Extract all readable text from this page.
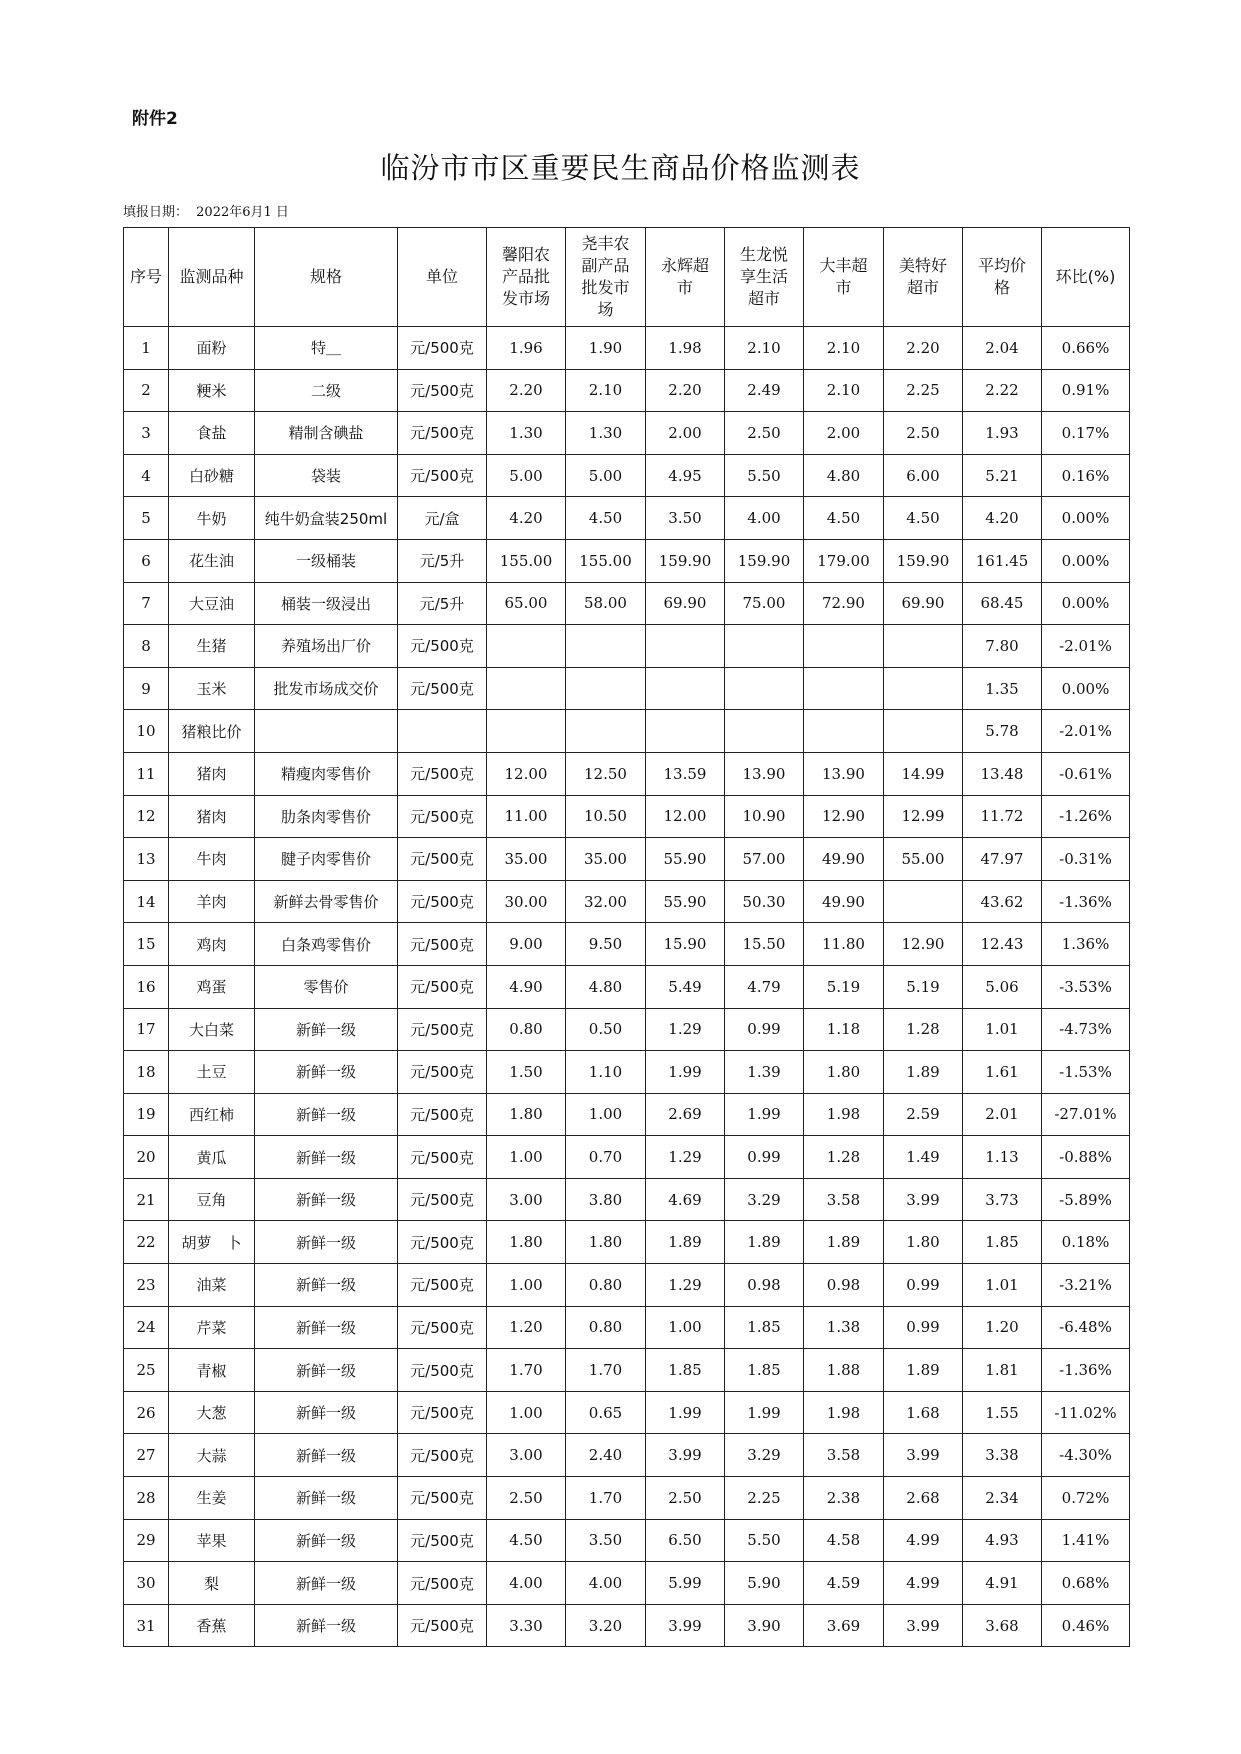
附件2
临汾市市区重要民生商品价格监测表
填报日期： 2022年6月1 日
序号	监测品种	规格	单位	馨阳农产品批发市场	尧丰农副产品批发市场	永辉超市	生龙悦享生活超市	大丰超市	美特好超市	平均价格	环比(%)
1	面粉	特＿	元/500克	1.96	1.90	1.98	2.10	2.10	2.20	2.04	0.66%
2	粳米	二级	元/500克	2.20	2.10	2.20	2.49	2.10	2.25	2.22	0.91%
3	食盐	精制含碘盐	元/500克	1.30	1.30	2.00	2.50	2.00	2.50	1.93	0.17%
4	白砂糖	袋装	元/500克	5.00	5.00	4.95	5.50	4.80	6.00	5.21	0.16%
5	牛奶	纯牛奶盒装250ml	元/盒	4.20	4.50	3.50	4.00	4.50	4.50	4.20	0.00%
6	花生油	一级桶装	元/5升	155.00	155.00	159.90	159.90	179.00	159.90	161.45	0.00%
7	大豆油	桶装一级浸出	元/5升	65.00	58.00	69.90	75.00	72.90	69.90	68.45	0.00%
8	生猪	养殖场出厂价	元/500克							7.80	-2.01%
9	玉米	批发市场成交价	元/500克							1.35	0.00%
10	猪粮比价									5.78	-2.01%
11	猪肉	精瘦肉零售价	元/500克	12.00	12.50	13.59	13.90	13.90	14.99	13.48	-0.61%
12	猪肉	肋条肉零售价	元/500克	11.00	10.50	12.00	10.90	12.90	12.99	11.72	-1.26%
13	牛肉	腱子肉零售价	元/500克	35.00	35.00	55.90	57.00	49.90	55.00	47.97	-0.31%
14	羊肉	新鲜去骨零售价	元/500克	30.00	32.00	55.90	50.30	49.90		43.62	-1.36%
15	鸡肉	白条鸡零售价	元/500克	9.00	9.50	15.90	15.50	11.80	12.90	12.43	1.36%
16	鸡蛋	零售价	元/500克	4.90	4.80	5.49	4.79	5.19	5.19	5.06	-3.53%
17	大白菜	新鲜一级	元/500克	0.80	0.50	1.29	0.99	1.18	1.28	1.01	-4.73%
18	土豆	新鲜一级	元/500克	1.50	1.10	1.99	1.39	1.80	1.89	1.61	-1.53%
19	西红柿	新鲜一级	元/500克	1.80	1.00	2.69	1.99	1.98	2.59	2.01	-27.01%
20	黄瓜	新鲜一级	元/500克	1.00	0.70	1.29	0.99	1.28	1.49	1.13	-0.88%
21	豆角	新鲜一级	元/500克	3.00	3.80	4.69	3.29	3.58	3.99	3.73	-5.89%
22	胡萝　卜	新鲜一级	元/500克	1.80	1.80	1.89	1.89	1.89	1.80	1.85	0.18%
23	油菜	新鲜一级	元/500克	1.00	0.80	1.29	0.98	0.98	0.99	1.01	-3.21%
24	芹菜	新鲜一级	元/500克	1.20	0.80	1.00	1.85	1.38	0.99	1.20	-6.48%
25	青椒	新鲜一级	元/500克	1.70	1.70	1.85	1.85	1.88	1.89	1.81	-1.36%
26	大葱	新鲜一级	元/500克	1.00	0.65	1.99	1.99	1.98	1.68	1.55	-11.02%
27	大蒜	新鲜一级	元/500克	3.00	2.40	3.99	3.29	3.58	3.99	3.38	-4.30%
28	生姜	新鲜一级	元/500克	2.50	1.70	2.50	2.25	2.38	2.68	2.34	0.72%
29	苹果	新鲜一级	元/500克	4.50	3.50	6.50	5.50	4.58	4.99	4.93	1.41%
30	梨	新鲜一级	元/500克	4.00	4.00	5.99	5.90	4.59	4.99	4.91	0.68%
31	香蕉	新鲜一级	元/500克	3.30	3.20	3.99	3.90	3.69	3.99	3.68	0.46%
